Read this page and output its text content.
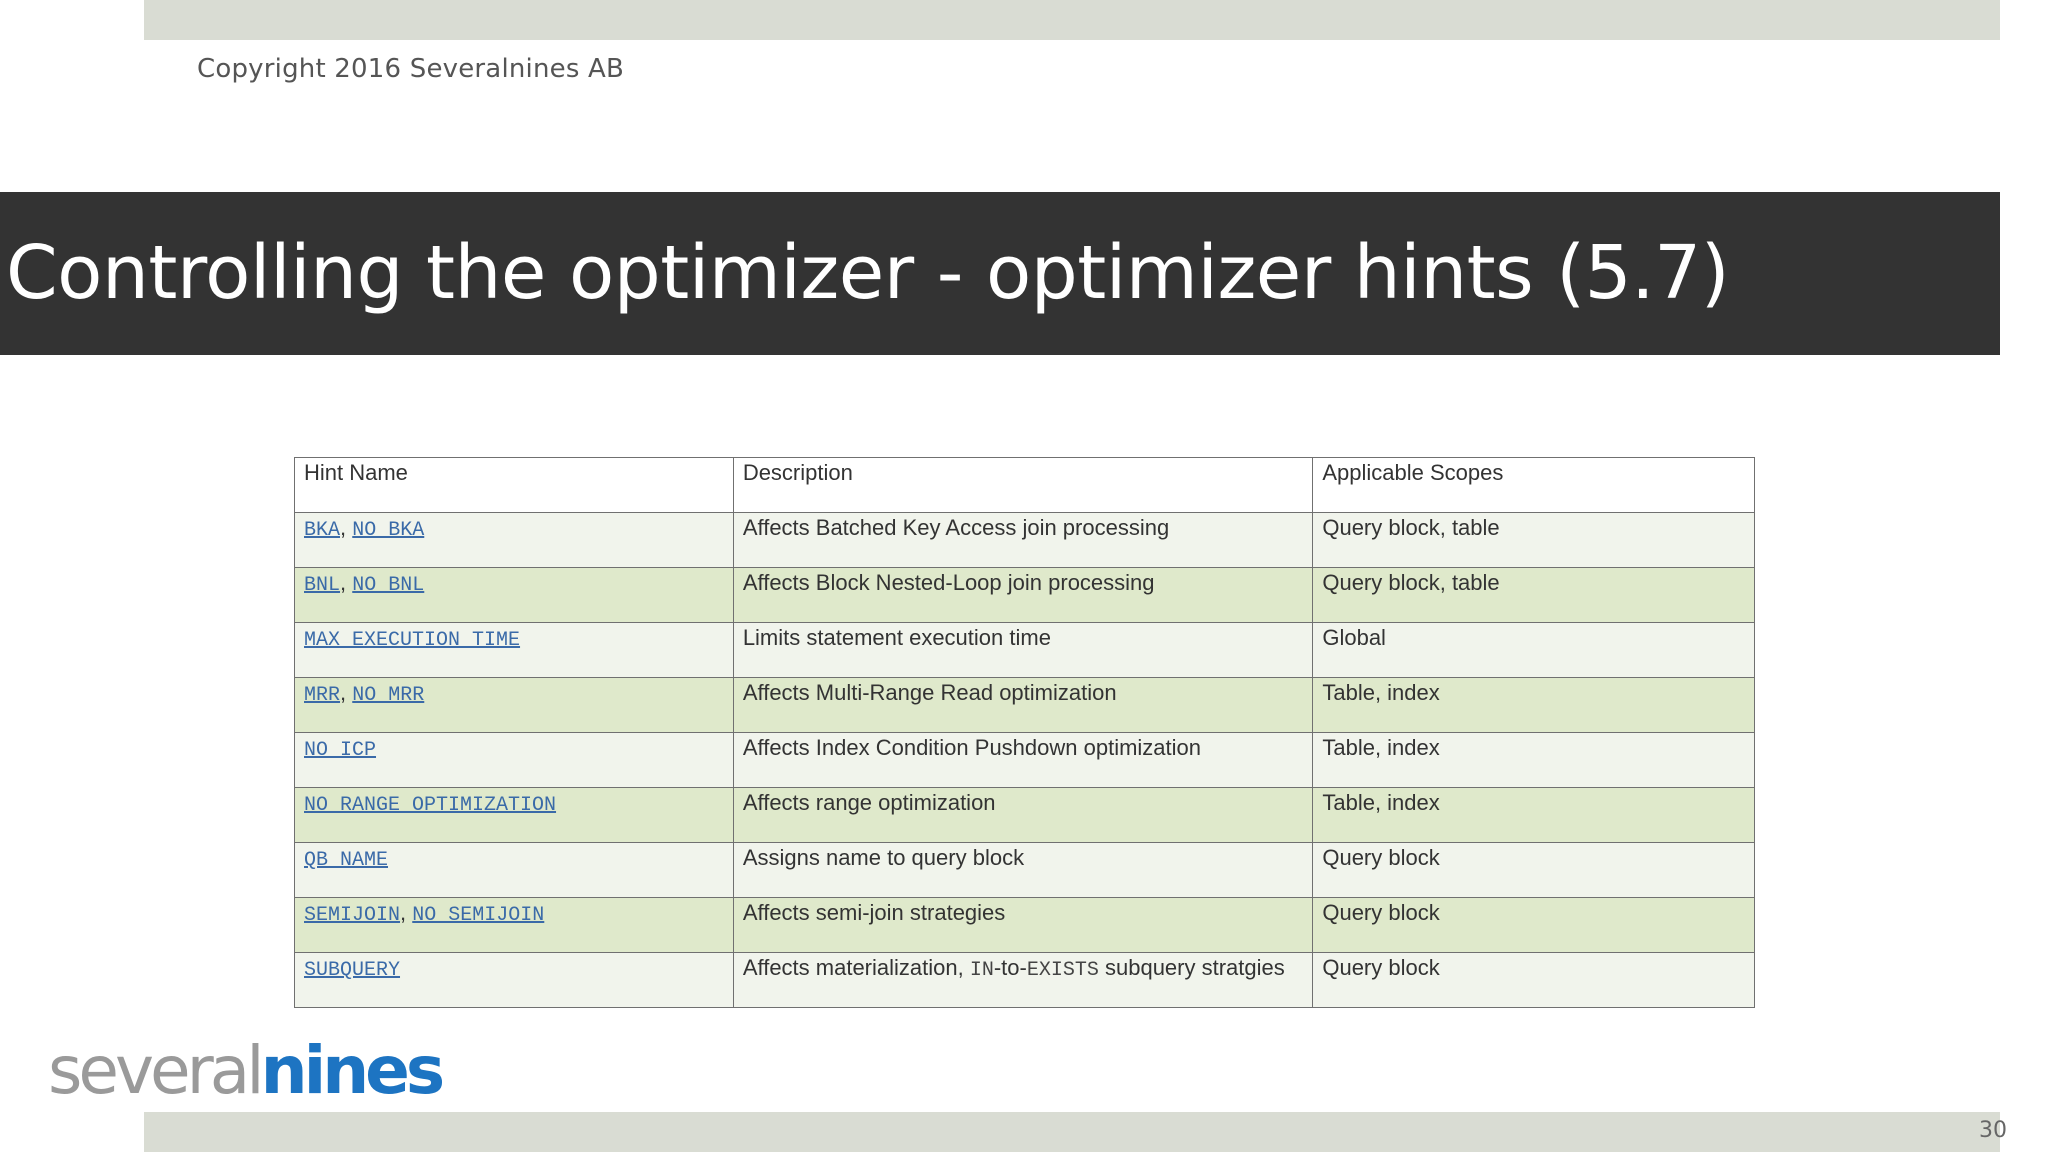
Copyright 2016 Severalnines AB
Controlling the optimizer - optimizer hints (5.7)
Hint Name	Description	Applicable Scopes
BKA, NO_BKA	Affects Batched Key Access join processing	Query block, table
BNL, NO_BNL	Affects Block Nested-Loop join processing	Query block, table
MAX_EXECUTION_TIME	Limits statement execution time	Global
MRR, NO_MRR	Affects Multi-Range Read optimization	Table, index
NO_ICP	Affects Index Condition Pushdown optimization	Table, index
NO_RANGE_OPTIMIZATION	Affects range optimization	Table, index
QB_NAME	Assigns name to query block	Query block
SEMIJOIN, NO_SEMIJOIN	Affects semi-join strategies	Query block
SUBQUERY	Affects materialization, IN-to-EXISTS subquery stratgies	Query block
severalnines
30
